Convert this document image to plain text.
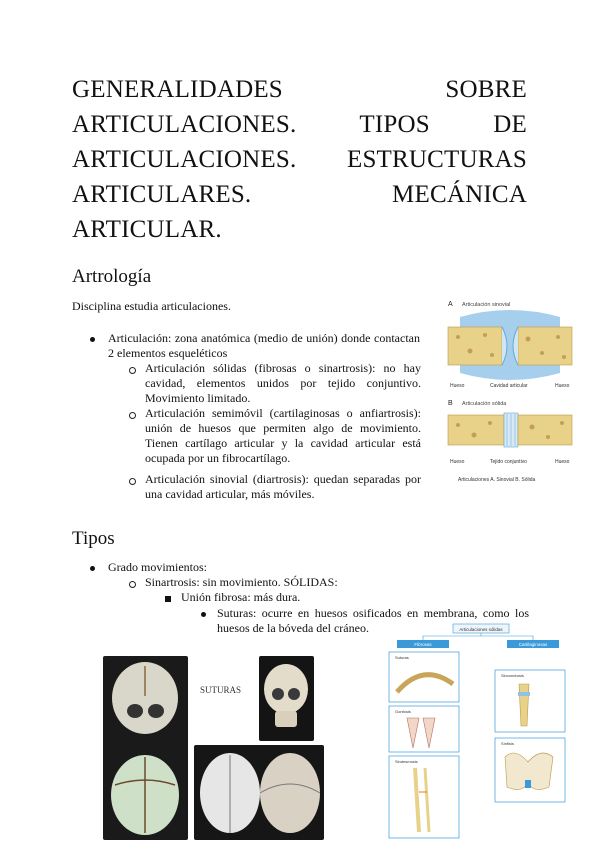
GENERALIDADES SOBRE
ARTICULACIONES. TIPOS DE
ARTICULACIONES. ESTRUCTURAS
ARTICULARES. MECÁNICA
ARTICULAR.
Artrología
Disciplina estudia articulaciones.
Articulación: zona anatómica (medio de unión) donde contactan 2 elementos esqueléticos
Articulación sólidas (fibrosas o sinartrosis): no hay cavidad, elementos unidos por tejido conjuntivo. Movimiento limitado.
Articulación semimóvil (cartilaginosas o anfiartrosis): unión de huesos que permiten algo de movimiento. Tienen cartílago articular y la cavidad articular está ocupada por un fibrocartílago.
Articulación sinovial (diartrosis): quedan separadas por una cavidad articular, más móviles.
A Articulación sinovial
Hueso	Cavidad articular	Hueso
B Articulación sólida
Hueso	Tejido conjuntivo	Hueso
Articulaciones A. Sinovial B. Sólida
Tipos
Grado movimientos:
Sinartrosis: sin movimiento. SÓLIDAS:
Unión fibrosa: más dura.
Suturas: ocurre en huesos osificados en membrana, como los huesos de la bóveda del cráneo.
SUTURAS
Articulaciones sólidas
Fibrosas	Cartilaginosas
Suturas
Gonfosis
Sindesmosis
Sincondrosis
Sínfisis
